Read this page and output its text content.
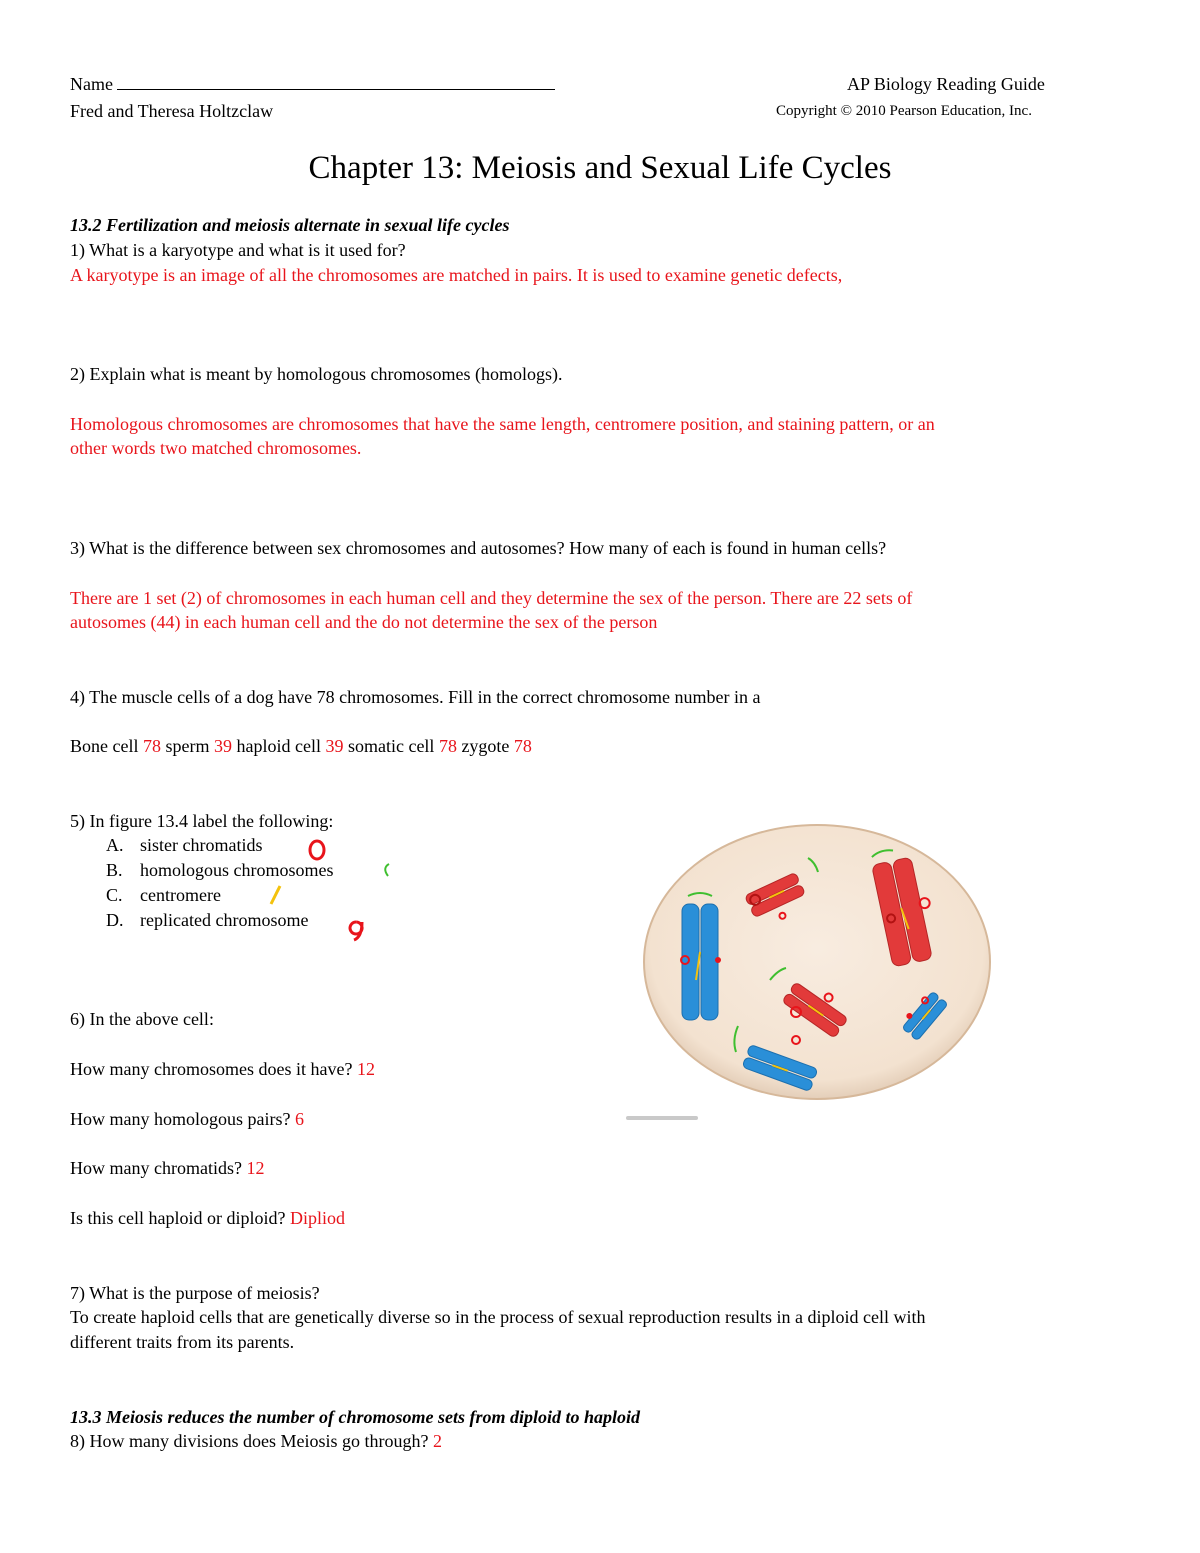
Name	AP Biology Reading Guide
Fred and Theresa Holtzclaw	Copyright © 2010 Pearson Education, Inc.
Chapter 13: Meiosis and Sexual Life Cycles
13.2 Fertilization and meiosis alternate in sexual life cycles
1) What is a karyotype and what is it used for?
A karyotype is an image of all the chromosomes are matched in pairs. It is used to examine genetic defects,
2) Explain what is meant by homologous chromosomes (homologs).
Homologous chromosomes are chromosomes that have the same length, centromere position, and staining pattern, or an
other words two matched chromosomes.
3) What is the difference between sex chromosomes and autosomes? How many of each is found in human cells?
There are 1 set (2) of chromosomes in each human cell and they determine the sex of the person. There are 22 sets of
autosomes (44) in each human cell and the do not determine the sex of the person
4) The muscle cells of a dog have 78 chromosomes. Fill in the correct chromosome number in a
Bone cell 78 sperm 39 haploid cell 39 somatic cell 78 zygote 78
5) In figure 13.4 label the following:
A. sister chromatids
B. homologous chromosomes
C. centromere
D. replicated chromosome
6) In the above cell:
How many chromosomes does it have? 12
How many homologous pairs? 6
How many chromatids? 12
Is this cell haploid or diploid? Dipliod
7) What is the purpose of meiosis?
To create haploid cells that are genetically diverse so in the process of sexual reproduction results in a diploid cell with
different traits from its parents.
13.3 Meiosis reduces the number of chromosome sets from diploid to haploid
8) How many divisions does Meiosis go through? 2
